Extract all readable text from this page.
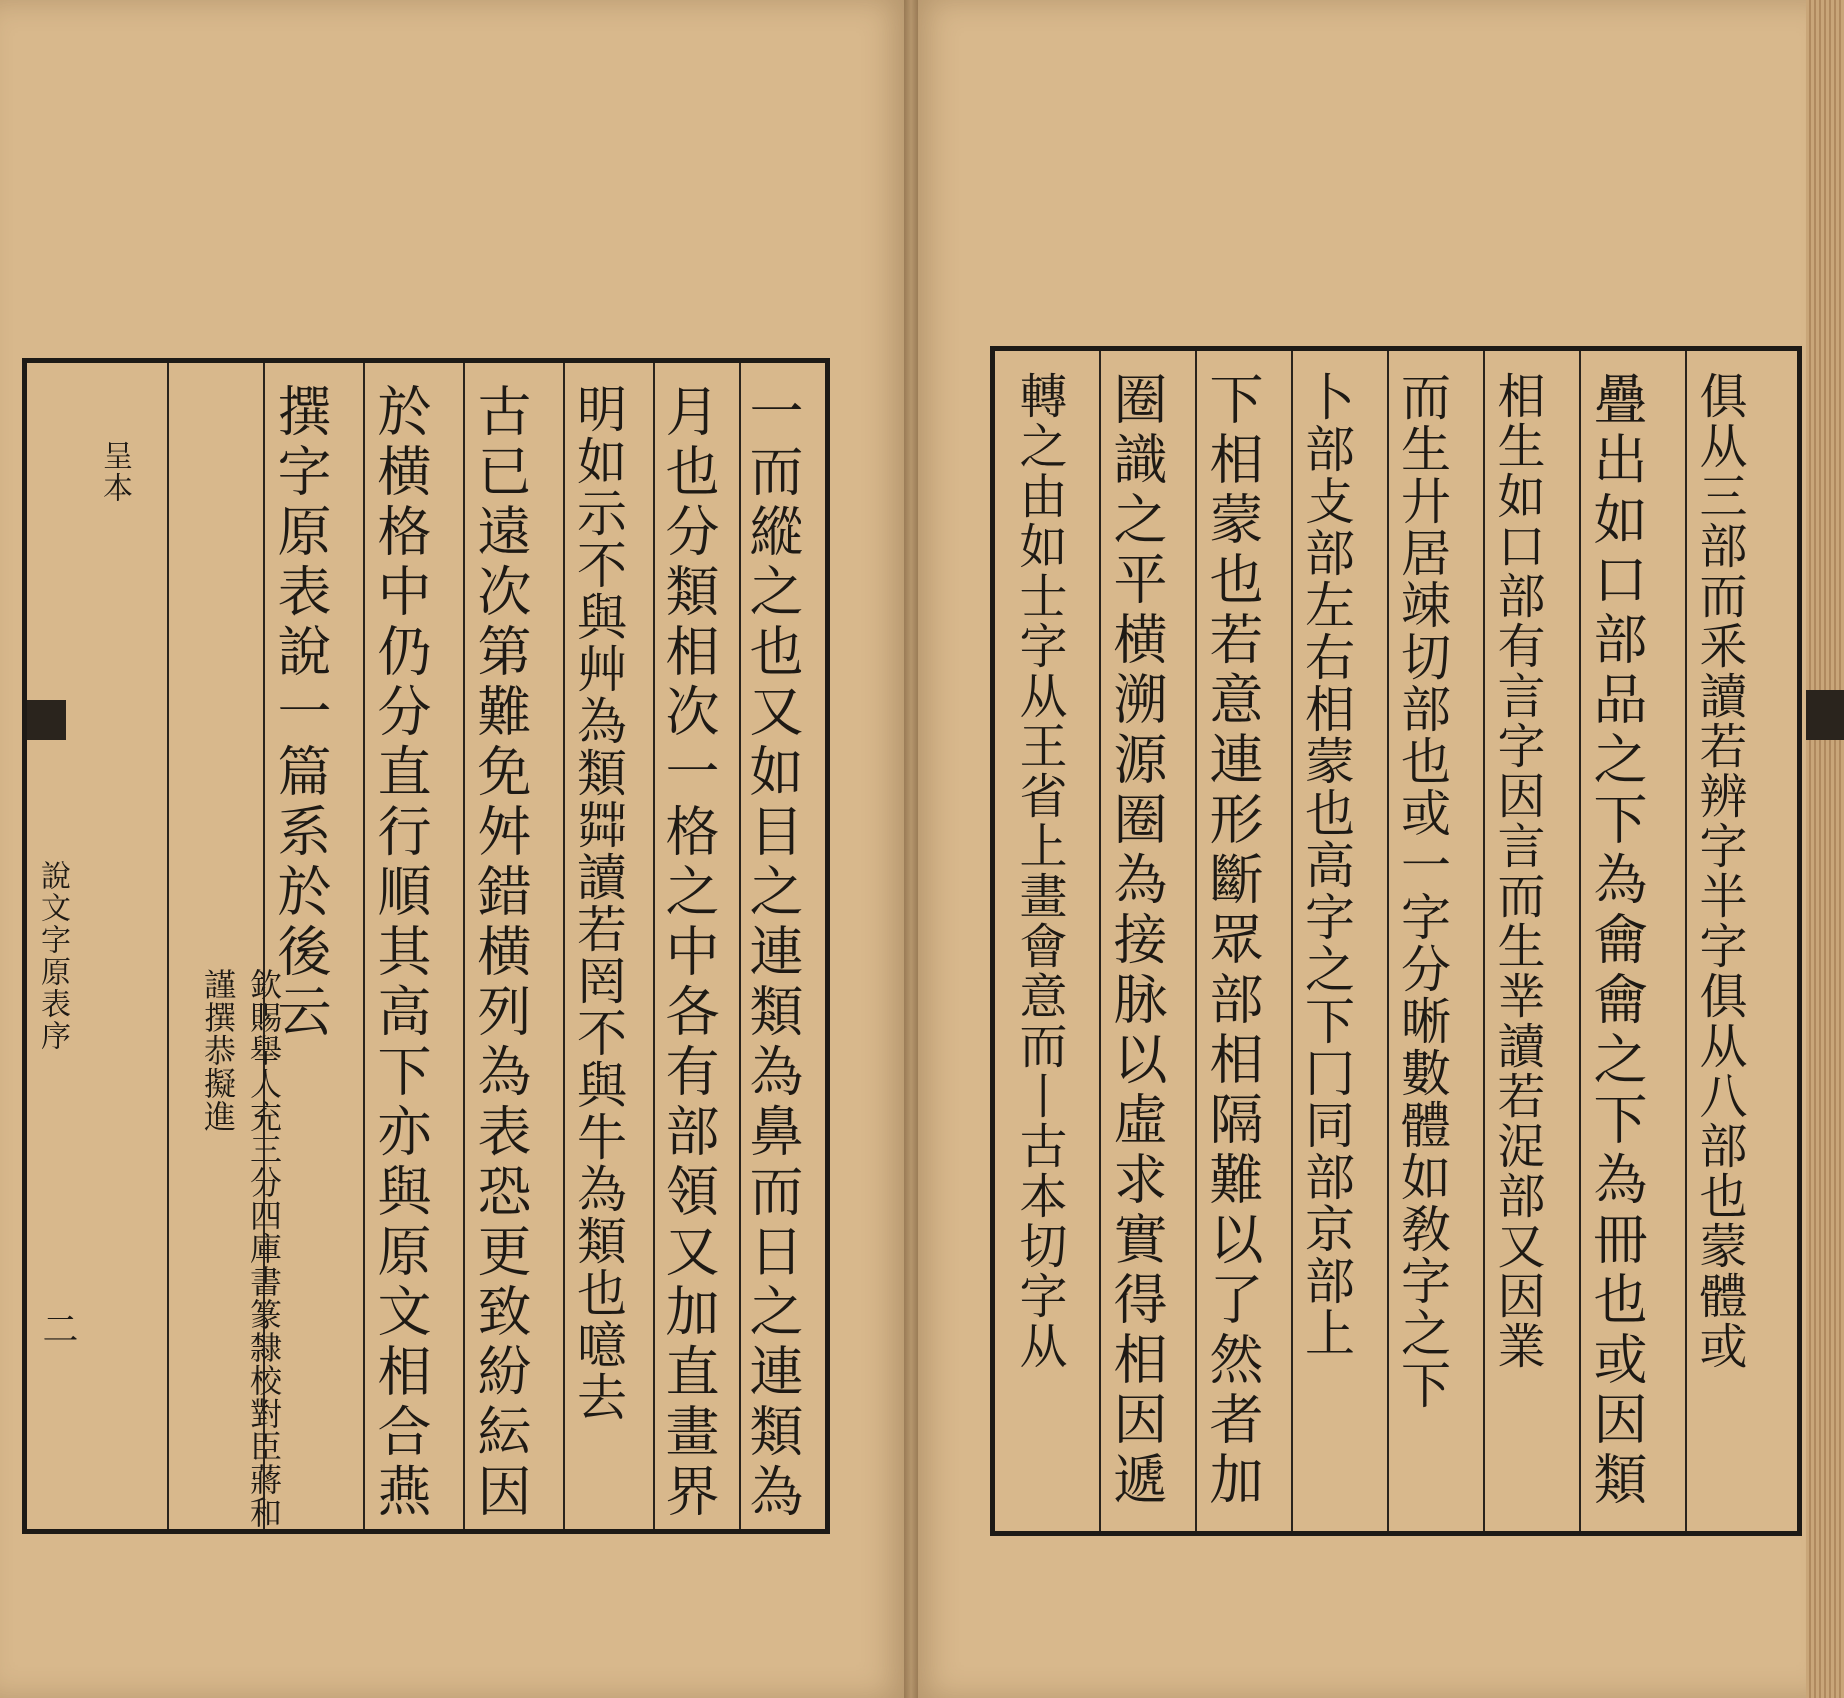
呈本
說文字原表序
二	一而縱之也又如目之連類為鼻而日之連類為
月也分類相次一格之中各有部領又加直畫界
明如示不與艸為類茻讀若罔不與牛為類也噫去
古已遠次第難免舛錯横列為表恐更致紛紜因
於横格中仍分直行順其高下亦與原文相合燕
撰字原表說一篇系於後云
欽賜舉人充三分四庫書篆隸校對臣蔣和謹撰恭擬進	俱从三部而釆讀若辨字半字俱从八部也蒙體或
疊出如口部品之下為龠龠之下為冊也或因類
相生如口部有言字因言而生丵讀若浞部又因業
而生廾居竦切部也或一字分晰數體如敎字之下
卜部攴部左右相蒙也高字之下冂同部京部上
下相蒙也若意連形斷眾部相隔難以了然者加
圈識之平横溯源圈為接脉以虛求實得相因遞
轉之由如士字从王省上畫會意而丨古本切字从
